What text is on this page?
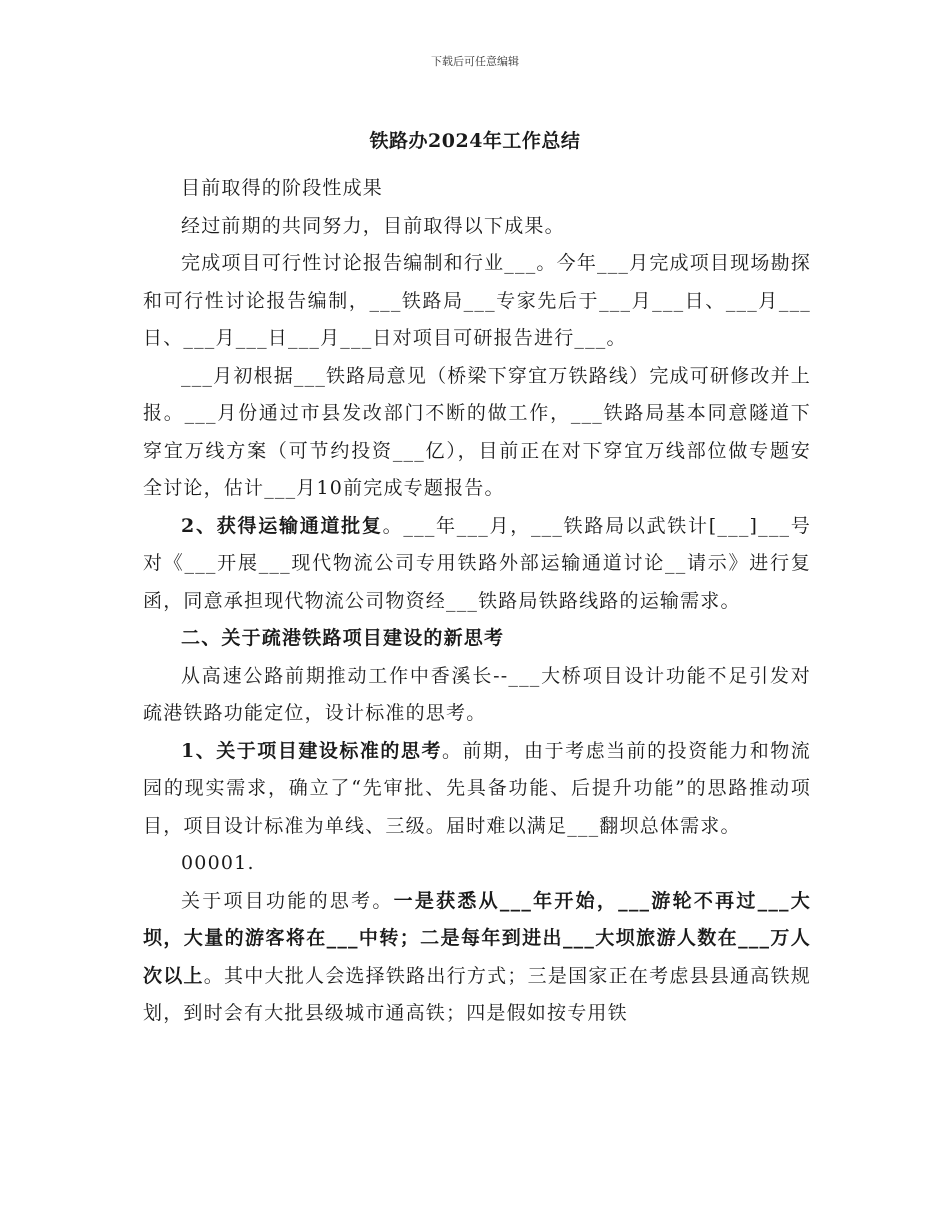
下载后可任意编辑
铁路办2024年工作总结

目前取得的阶段性成果

经过前期的共同努力，目前取得以下成果。

完成项目可行性讨论报告编制和行业___。今年___月完成项目现场勘探和可行性讨论报告编制，___铁路局___专家先后于___月___日、___月___日、___月___日___月___日对项目可研报告进行___。

___月初根据___铁路局意见（桥梁下穿宜万铁路线）完成可研修改并上报。___月份通过市县发改部门不断的做工作，___铁路局基本同意隧道下穿宜万线方案（可节约投资___亿），目前正在对下穿宜万线部位做专题安全讨论，估计___月10前完成专题报告。

2、获得运输通道批复。___年___月，___铁路局以武铁计[___]___号对《___开展___现代物流公司专用铁路外部运输通道讨论__请示》进行复函，同意承担现代物流公司物资经___铁路局铁路线路的运输需求。

二、关于疏港铁路项目建设的新思考

从高速公路前期推动工作中香溪长--___大桥项目设计功能不足引发对疏港铁路功能定位，设计标准的思考。

1、关于项目建设标准的思考。前期，由于考虑当前的投资能力和物流园的现实需求，确立了“先审批、先具备功能、后提升功能”的思路推动项目，项目设计标准为单线、三级。届时难以满足___翻坝总体需求。

00001.

关于项目功能的思考。一是获悉从___年开始，___游轮不再过___大坝，大量的游客将在___中转；二是每年到进出___大坝旅游人数在___万人次以上。其中大批人会选择铁路出行方式；三是国家正在考虑县县通高铁规划，到时会有大批县级城市通高铁；四是假如按专用铁
